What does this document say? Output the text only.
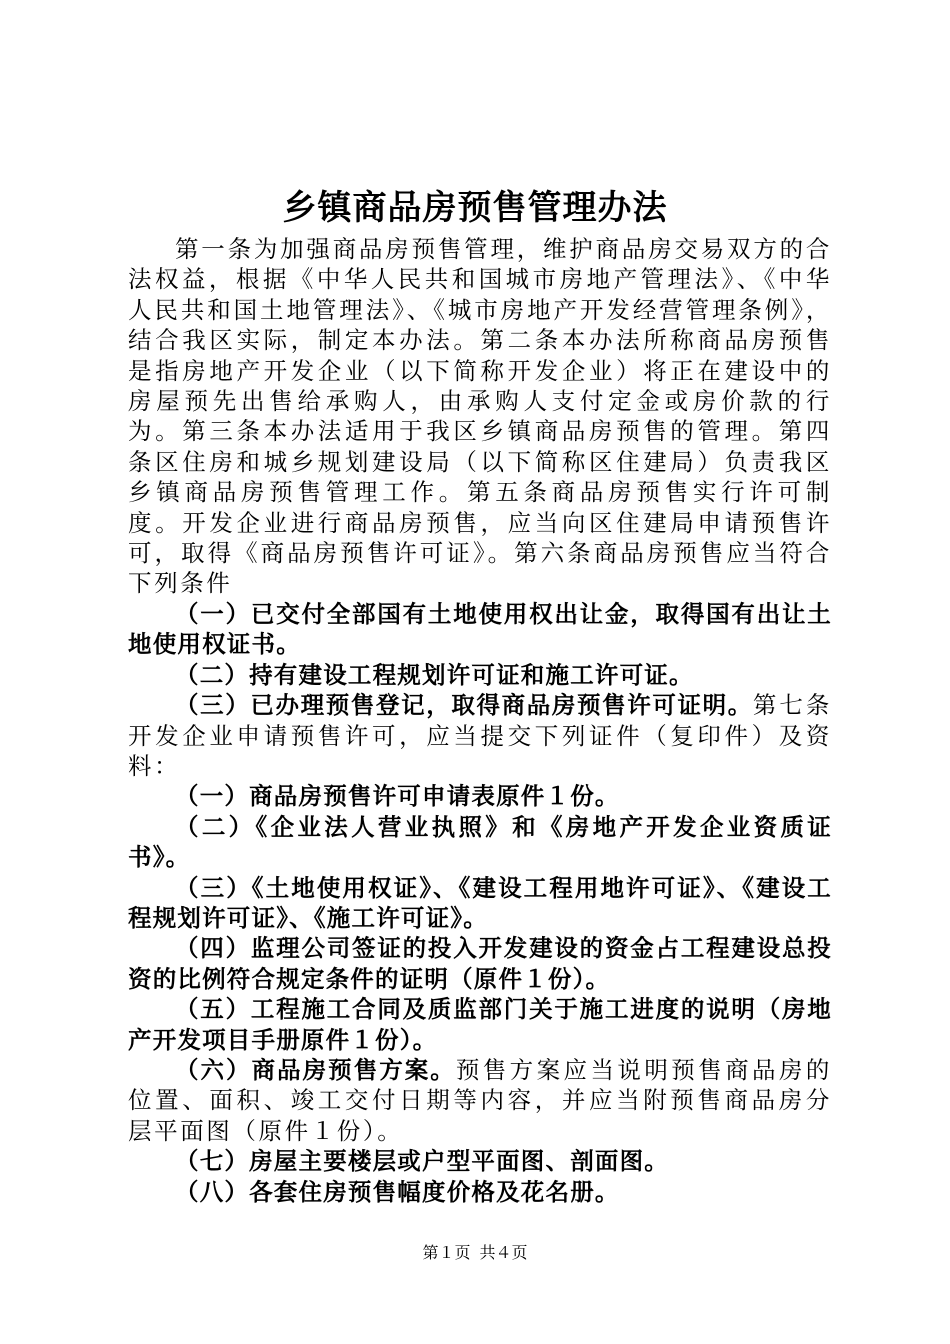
乡镇商品房预售管理办法

第一条为加强商品房预售管理，维护商品房交易双方的合法权益，根据《中华人民共和国城市房地产管理法》、《中华人民共和国土地管理法》、《城市房地产开发经营管理条例》，结合我区实际，制定本办法。第二条本办法所称商品房预售是指房地产开发企业（以下简称开发企业）将正在建设中的房屋预先出售给承购人，由承购人支付定金或房价款的行为。第三条本办法适用于我区乡镇商品房预售的管理。第四条区住房和城乡规划建设局（以下简称区住建局）负责我区乡镇商品房预售管理工作。第五条商品房预售实行许可制度。开发企业进行商品房预售，应当向区住建局申请预售许可，取得《商品房预售许可证》。第六条商品房预售应当符合下列条件

（一）已交付全部国有土地使用权出让金，取得国有出让土地使用权证书。

（二）持有建设工程规划许可证和施工许可证。

（三）已办理预售登记，取得商品房预售许可证明。第七条开发企业申请预售许可，应当提交下列证件（复印件）及资料：

（一）商品房预售许可申请表原件１份。

（二）《企业法人营业执照》和《房地产开发企业资质证书》。

（三）《土地使用权证》、《建设工程用地许可证》、《建设工程规划许可证》、《施工许可证》。

（四）监理公司签证的投入开发建设的资金占工程建设总投资的比例符合规定条件的证明（原件１份）。

（五）工程施工合同及质监部门关于施工进度的说明（房地产开发项目手册原件１份）。

（六）商品房预售方案。预售方案应当说明预售商品房的位置、面积、竣工交付日期等内容，并应当附预售商品房分层平面图（原件１份）。

（七）房屋主要楼层或户型平面图、剖面图。

（八）各套住房预售幅度价格及花名册。

第１页 共４页
